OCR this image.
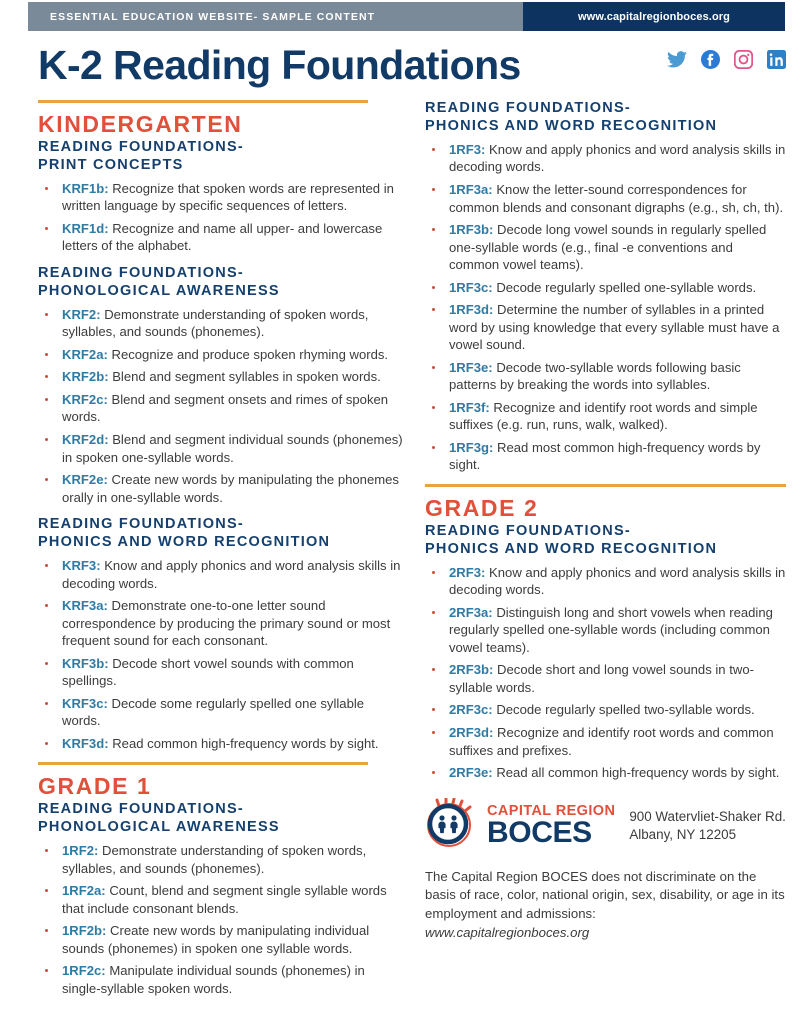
ESSENTIAL EDUCATION WEBSITE- SAMPLE CONTENT	www.capitalregionboces.org
K-2 Reading Foundations
KINDERGARTEN
READING FOUNDATIONS-
PRINT CONCEPTS
KRF1b: Recognize that spoken words are represented in written language by specific sequences of letters.
KRF1d: Recognize and name all upper- and lowercase letters of the alphabet.
READING FOUNDATIONS-
PHONOLOGICAL AWARENESS
KRF2: Demonstrate understanding of spoken words, syllables, and sounds (phonemes).
KRF2a: Recognize and produce spoken rhyming words.
KRF2b: Blend and segment syllables in spoken words.
KRF2c: Blend and segment onsets and rimes of spoken words.
KRF2d: Blend and segment individual sounds (phonemes) in spoken one-syllable words.
KRF2e: Create new words by manipulating the phonemes orally in one-syllable words.
READING FOUNDATIONS-
PHONICS AND WORD RECOGNITION
KRF3: Know and apply phonics and word analysis skills in decoding words.
KRF3a: Demonstrate one-to-one letter sound correspondence by producing the primary sound or most frequent sound for each consonant.
KRF3b: Decode short vowel sounds with common spellings.
KRF3c: Decode some regularly spelled one syllable words.
KRF3d: Read common high-frequency words by sight.
GRADE 1
READING FOUNDATIONS-
PHONOLOGICAL AWARENESS
1RF2: Demonstrate understanding of spoken words, syllables, and sounds (phonemes).
1RF2a: Count, blend and segment single syllable words that include consonant blends.
1RF2b: Create new words by manipulating individual sounds (phonemes) in spoken one syllable words.
1RF2c: Manipulate individual sounds (phonemes) in single-syllable spoken words.
READING FOUNDATIONS-
PHONICS AND WORD RECOGNITION
1RF3: Know and apply phonics and word analysis skills in decoding words.
1RF3a: Know the letter-sound correspondences for common blends and consonant digraphs (e.g., sh, ch, th).
1RF3b: Decode long vowel sounds in regularly spelled one-syllable words (e.g., final -e conventions and common vowel teams).
1RF3c: Decode regularly spelled one-syllable words.
1RF3d: Determine the number of syllables in a printed word by using knowledge that every syllable must have a vowel sound.
1RF3e: Decode two-syllable words following basic patterns by breaking the words into syllables.
1RF3f: Recognize and identify root words and simple suffixes (e.g. run, runs, walk, walked).
1RF3g: Read most common high-frequency words by sight.
GRADE 2
READING FOUNDATIONS-
PHONICS AND WORD RECOGNITION
2RF3: Know and apply phonics and word analysis skills in decoding words.
2RF3a: Distinguish long and short vowels when reading regularly spelled one-syllable words (including common vowel teams).
2RF3b: Decode short and long vowel sounds in two-syllable words.
2RF3c: Decode regularly spelled two-syllable words.
2RF3d: Recognize and identify root words and common suffixes and prefixes.
2RF3e: Read all common high-frequency words by sight.
CAPITAL REGION
BOCES	900 Watervliet-Shaker Rd.
Albany, NY 12205
The Capital Region BOCES does not discriminate on the basis of race, color, national origin, sex, disability, or age in its employment and admissions:
www.capitalregionboces.org
